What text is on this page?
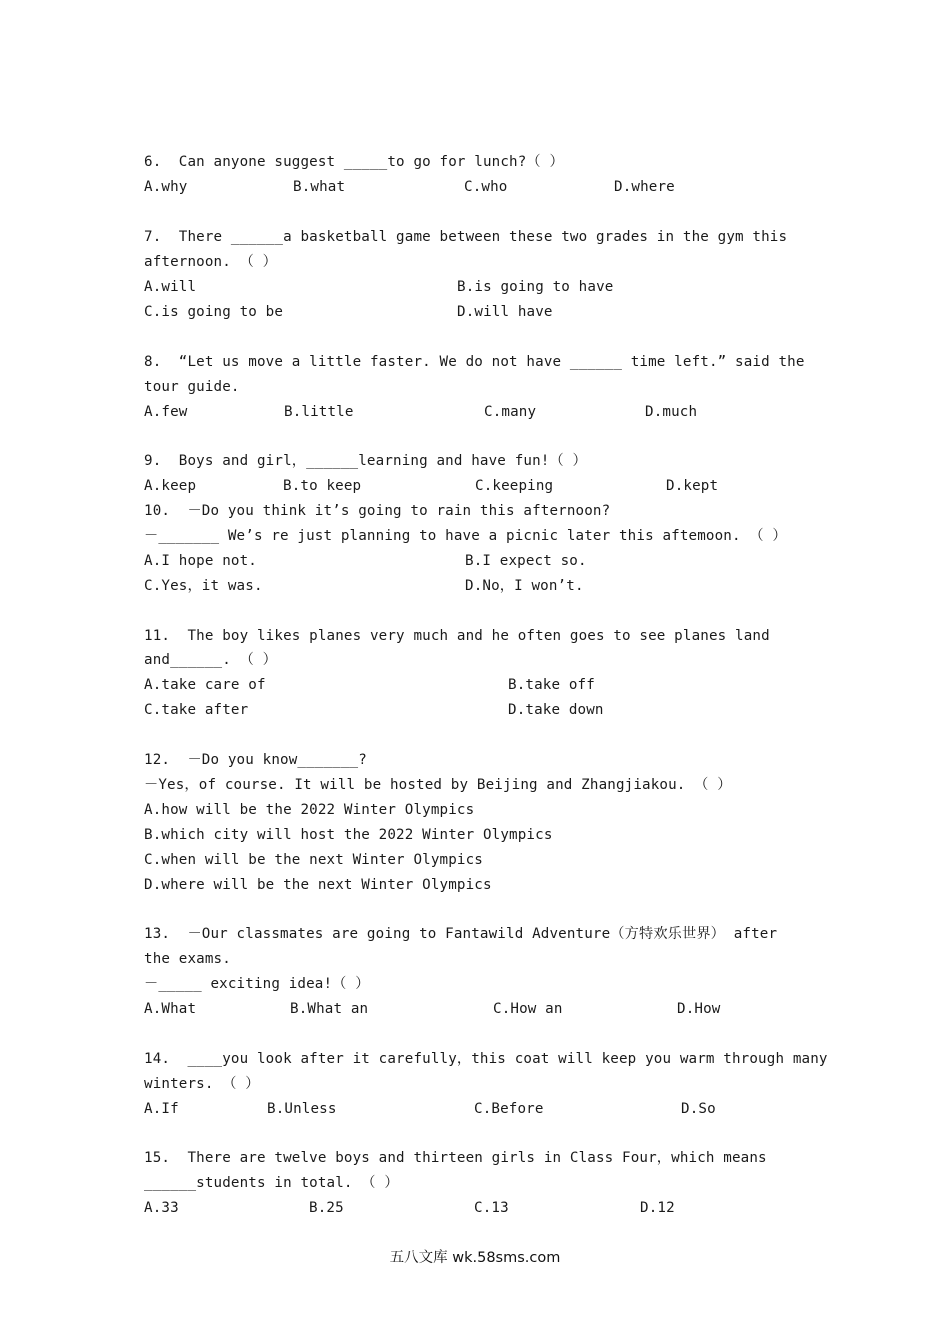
6.  Can anyone suggest _____to go for lunch?（ ）
A.why	B.what	C.who	D.where
7.  There ______a basketball game between these two grades in the gym this
afternoon. （ ）
A.will	B.is going to have
C.is going to be	D.will have
8.  “Let us move a little faster. We do not have ______ time left.” said the
tour guide.
A.few	B.little	C.many	D.much
9.  Boys and girl，______learning and have fun!（ ）
A.keep	B.to keep	C.keeping	D.kept
10.  －Do you think it’s going to rain this afternoon?
－_______ We’s re just planning to have a picnic later this aftemoon. （ ）
A.I hope not.	B.I expect so.
C.Yes，it was.	D.No，I won’t.
11.  The boy likes planes very much and he often goes to see planes land
and______. （ ）
A.take care of	B.take off
C.take after	D.take down
12.  －Do you know_______?
－Yes，of course. It will be hosted by Beijing and Zhangjiakou. （ ）
A.how will be the 2022 Winter Olympics
B.which city will host the 2022 Winter Olympics
C.when will be the next Winter Olympics
D.where will be the next Winter Olympics
13.  －Our classmates are going to Fantawild Adventure（方特欢乐世界） after
the exams.
－_____ exciting idea!（ ）
A.What	B.What an	C.How an	D.How
14.  ____you look after it carefully，this coat will keep you warm through many
winters. （ ）
A.If	B.Unless	C.Before	D.So
15.  There are twelve boys and thirteen girls in Class Four，which means
______students in total. （ ）
A.33	B.25	C.13	D.12
五八文库 wk.58sms.com
